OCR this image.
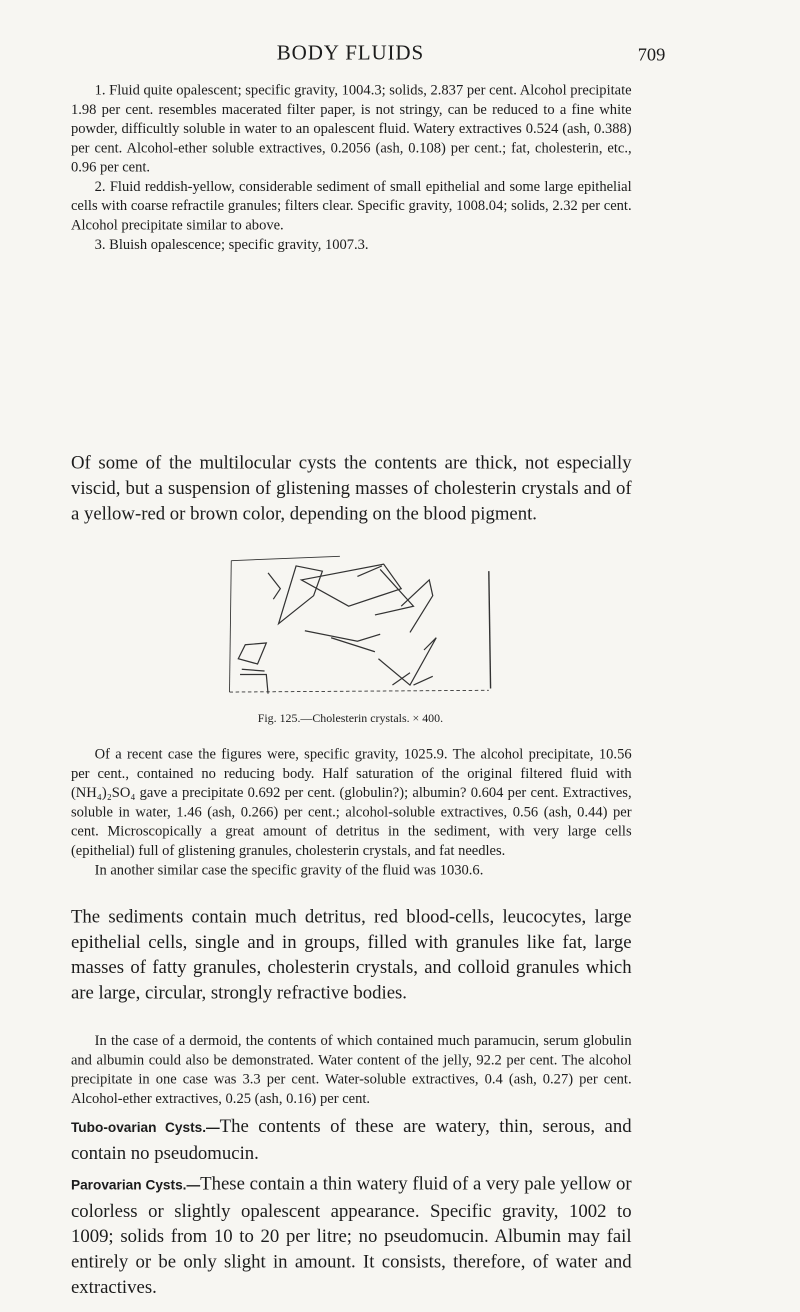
BODY FLUIDS	709

1. Fluid quite opalescent; specific gravity, 1004.3; solids, 2.837 per cent. Alcohol precipitate 1.98 per cent. resembles macerated filter paper, is not stringy, can be reduced to a fine white powder, difficultly soluble in water to an opalescent fluid. Watery extractives 0.524 (ash, 0.388) per cent. Alcohol-ether soluble extractives, 0.2056 (ash, 0.108) per cent.; fat, cholesterin, etc., 0.96 per cent.

2. Fluid reddish-yellow, considerable sediment of small epithelial and some large epithelial cells with coarse refractile granules; filters clear. Specific gravity, 1008.04; solids, 2.32 per cent. Alcohol precipitate similar to above.

3. Bluish opalescence; specific gravity, 1007.3.

Of some of the multilocular cysts the contents are thick, not especially viscid, but a suspension of glistening masses of cholesterin crystals and of a yellow-red or brown color, depending on the blood pigment.

Fig. 125.—Cholesterin crystals. × 400.

Of a recent case the figures were, specific gravity, 1025.9. The alcohol precipitate, 10.56 per cent., contained no reducing body. Half saturation of the original filtered fluid with (NH₄)₂SO₄ gave a precipitate 0.692 per cent. (globulin?); albumin? 0.604 per cent. Extractives, soluble in water, 1.46 (ash, 0.266) per cent.; alcohol-soluble extractives, 0.56 (ash, 0.44) per cent. Microscopically a great amount of detritus in the sediment, with very large cells (epithelial) full of glistening granules, cholesterin crystals, and fat needles.

In another similar case the specific gravity of the fluid was 1030.6.

The sediments contain much detritus, red blood-cells, leucocytes, large epithelial cells, single and in groups, filled with granules like fat, large masses of fatty granules, cholesterin crystals, and colloid granules which are large, circular, strongly refractive bodies.

In the case of a dermoid, the contents of which contained much paramucin, serum globulin and albumin could also be demonstrated. Water content of the jelly, 92.2 per cent. The alcohol precipitate in one case was 3.3 per cent. Water-soluble extractives, 0.4 (ash, 0.27) per cent. Alcohol-ether extractives, 0.25 (ash, 0.16) per cent.

Tubo-ovarian Cysts.—The contents of these are watery, thin, serous, and contain no pseudomucin.

Parovarian Cysts.—These contain a thin watery fluid of a very pale yellow or colorless or slightly opalescent appearance. Specific gravity, 1002 to 1009; solids from 10 to 20 per litre; no pseudomucin. Albumin may fail entirely or be only slight in amount. It consists, therefore, of water and extractives.
